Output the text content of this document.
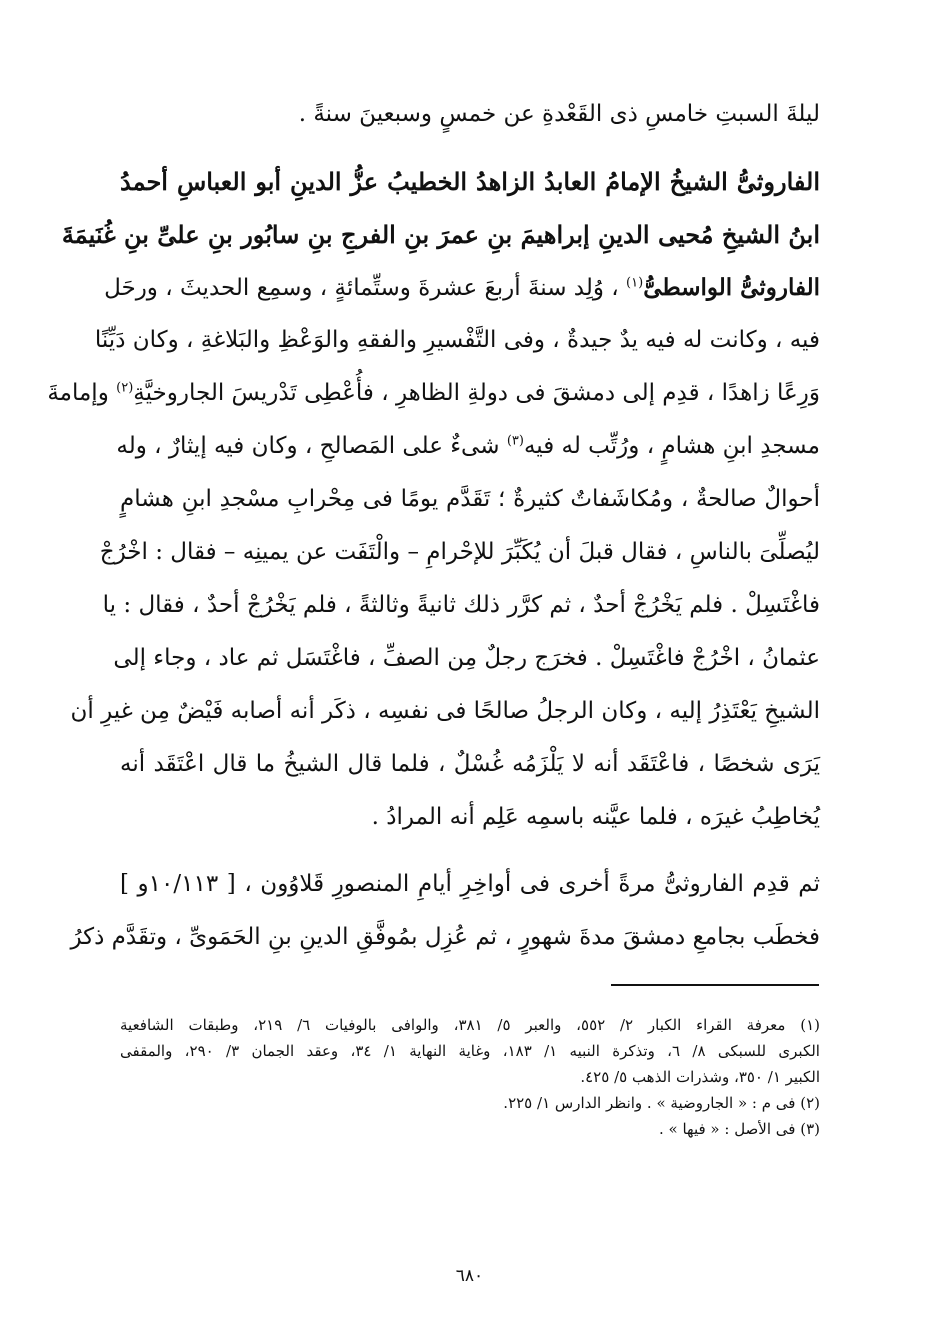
ليلةَ السبتِ خامسِ ذى القَعْدةِ عن خمسٍ وسبعينَ سنةً .
الفاروثىُّ الشيخُ الإمامُ العابدُ الزاهدُ الخطيبُ عزُّ الدينِ أبو العباسِ أحمدُ
ابنُ الشيخِ مُحيى الدينِ إبراهيمَ بنِ عمرَ بنِ الفرجِ بنِ سابُور بنِ علىِّ بنِ غُنَيمَةَ
الفاروثىُّ الواسطىُّ$^{(١)}$ ، وُلِد سنةَ أربعَ عشرةَ وستِّمائةٍ ، وسمِع الحديثَ ، ورحَل
فيه ، وكانت له فيه يدٌ جيدةٌ ، وفى التَّفْسيرِ والفقهِ والوَعْظِ والبَلاغةِ ، وكان دَيِّنًا
وَرِعًا زاهدًا ، قدِم إلى دمشقَ فى دولةِ الظاهرِ ، فأُعْطِى تَدْريسَ الجاروخيَّةِ$^{(٢)}$ وإمامةَ
مسجدِ ابنِ هشامٍ ، ورُتِّب له فيه$^{(٣)}$ شىءٌ على المَصالحِ ، وكان فيه إيثارٌ ، وله
أحوالٌ صالحةٌ ، ومُكاشَفاتٌ كثيرةٌ ؛ تَقَدَّم يومًا فى مِحْرابِ مسْجدِ ابنِ هشامٍ
ليُصلِّىَ بالناسِ ، فقال قبلَ أن يُكَبِّرَ للإحْرامِ – والْتَفَت عن يمينِه – فقال : اخْرُجْ
فاغْتَسِلْ . فلم يَخْرُجْ أحدٌ ، ثم كرَّر ذلك ثانيةً وثالثةً ، فلم يَخْرُجْ أحدٌ ، فقال : يا
عثمانُ ، اخْرُجْ فاغْتَسِلْ . فخرَج رجلٌ مِن الصفِّ ، فاغْتَسَل ثم عاد ، وجاء إلى
الشيخِ يَعْتَذِرُ إليه ، وكان الرجلُ صالحًا فى نفسِه ، ذكَر أنه أصابه فَيْضٌ مِن غيرِ أن
يَرَى شخصًا ، فاعْتَقَد أنه لا يَلْزَمُه غُسْلٌ ، فلما قال الشيخُ ما قال اعْتَقَد أنه
يُخاطِبُ غيرَه ، فلما عيَّنه باسمِه عَلِم أنه المرادُ .
ثم قدِم الفاروثىُّ مرةً أخرى فى أواخِرِ أيامِ المنصورِ قَلاوُون ، [ ١٠/١١٣و ]
فخطَب بجامعِ دمشقَ مدةَ شهورٍ ، ثم عُزِل بمُوفَّقِ الدينِ بنِ الحَمَوىِّ ، وتقَدَّم ذكرُ
(١) معرفة القراء الكبار ٢/ ٥٥٢، والعبر ٥/ ٣٨١، والوافى بالوفيات ٦/ ٢١٩، وطبقات الشافعية
الكبرى للسبكى ٨/ ٦، وتذكرة النبيه ١/ ١٨٣، وغاية النهاية ١/ ٣٤، وعقد الجمان ٣/ ٢٩٠، والمقفى
الكبير ١/ ٣٥٠، وشذرات الذهب ٥/ ٤٢٥.
(٢) فى م : « الجاروضية » . وانظر الدارس ١/ ٢٢٥.
(٣) فى الأصل : « فيها » .
٦٨٠
